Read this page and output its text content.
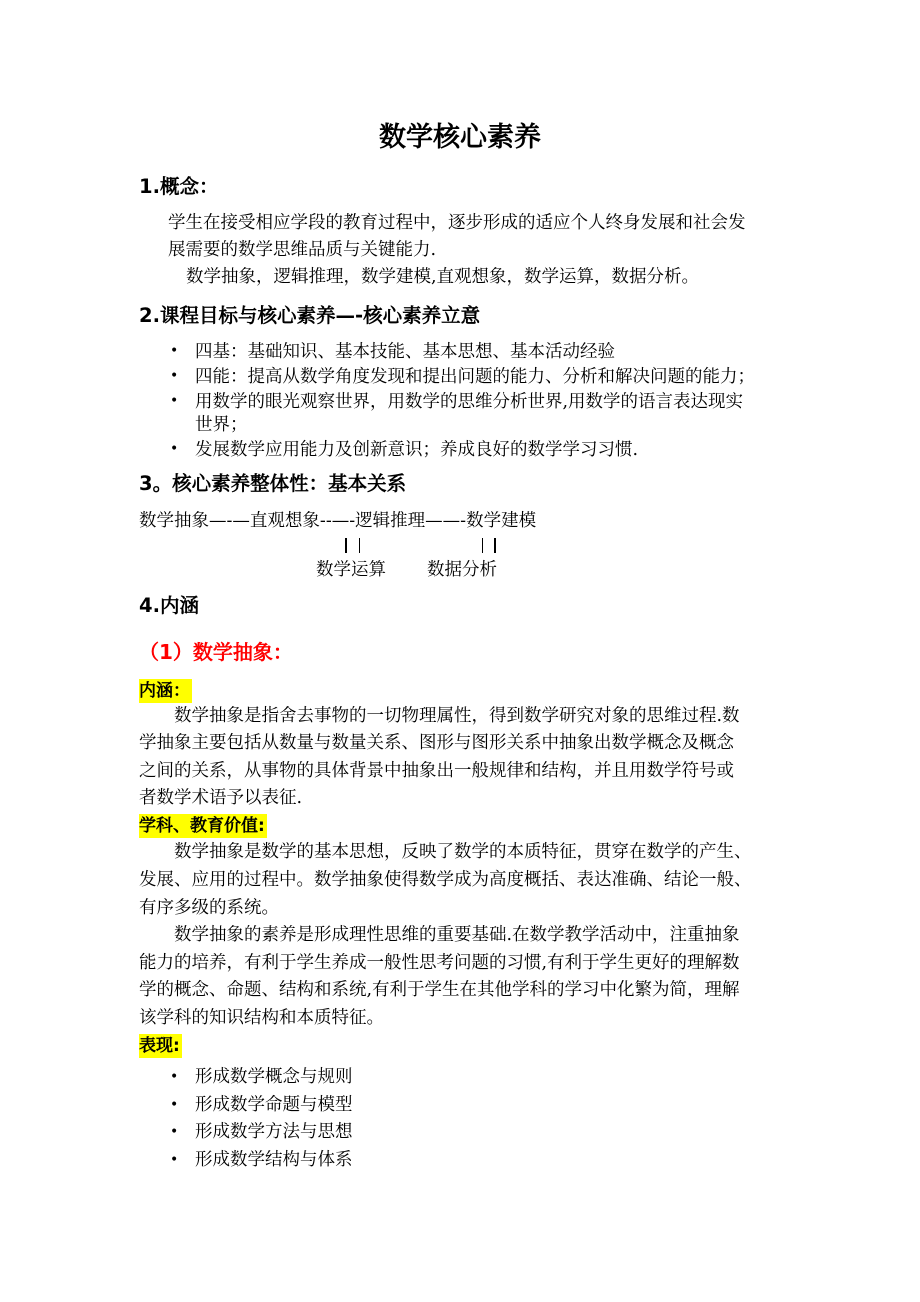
数学核心素养
1.概念：
学生在接受相应学段的教育过程中，逐步形成的适应个人终身发展和社会发
展需要的数学思维品质与关键能力.
数学抽象，逻辑推理，数学建模,直观想象，数学运算，数据分析。
2.课程目标与核心素养—-核心素养立意
• 四基：基础知识、基本技能、基本思想、基本活动经验
• 四能：提高从数学角度发现和提出问题的能力、分析和解决问题的能力；
• 用数学的眼光观察世界，用数学的思维分析世界,用数学的语言表达现实
世界；
• 发展数学应用能力及创新意识；养成良好的数学学习习惯.
3。核心素养整体性：基本关系
数学抽象—-—直观想象--—-逻辑推理——-数学建模
数学运算 数据分析
4.内涵
（1）数学抽象：
内涵：
数学抽象是指舍去事物的一切物理属性，得到数学研究对象的思维过程.数
学抽象主要包括从数量与数量关系、图形与图形关系中抽象出数学概念及概念
之间的关系，从事物的具体背景中抽象出一般规律和结构，并且用数学符号或
者数学术语予以表征.
学科、教育价值:
数学抽象是数学的基本思想，反映了数学的本质特征，贯穿在数学的产生、
发展、应用的过程中。数学抽象使得数学成为高度概括、表达准确、结论一般、
有序多级的系统。
数学抽象的素养是形成理性思维的重要基础.在数学教学活动中，注重抽象
能力的培养，有利于学生养成一般性思考问题的习惯,有利于学生更好的理解数
学的概念、命题、结构和系统,有利于学生在其他学科的学习中化繁为简，理解
该学科的知识结构和本质特征。
表现:
• 形成数学概念与规则
• 形成数学命题与模型
• 形成数学方法与思想
• 形成数学结构与体系
